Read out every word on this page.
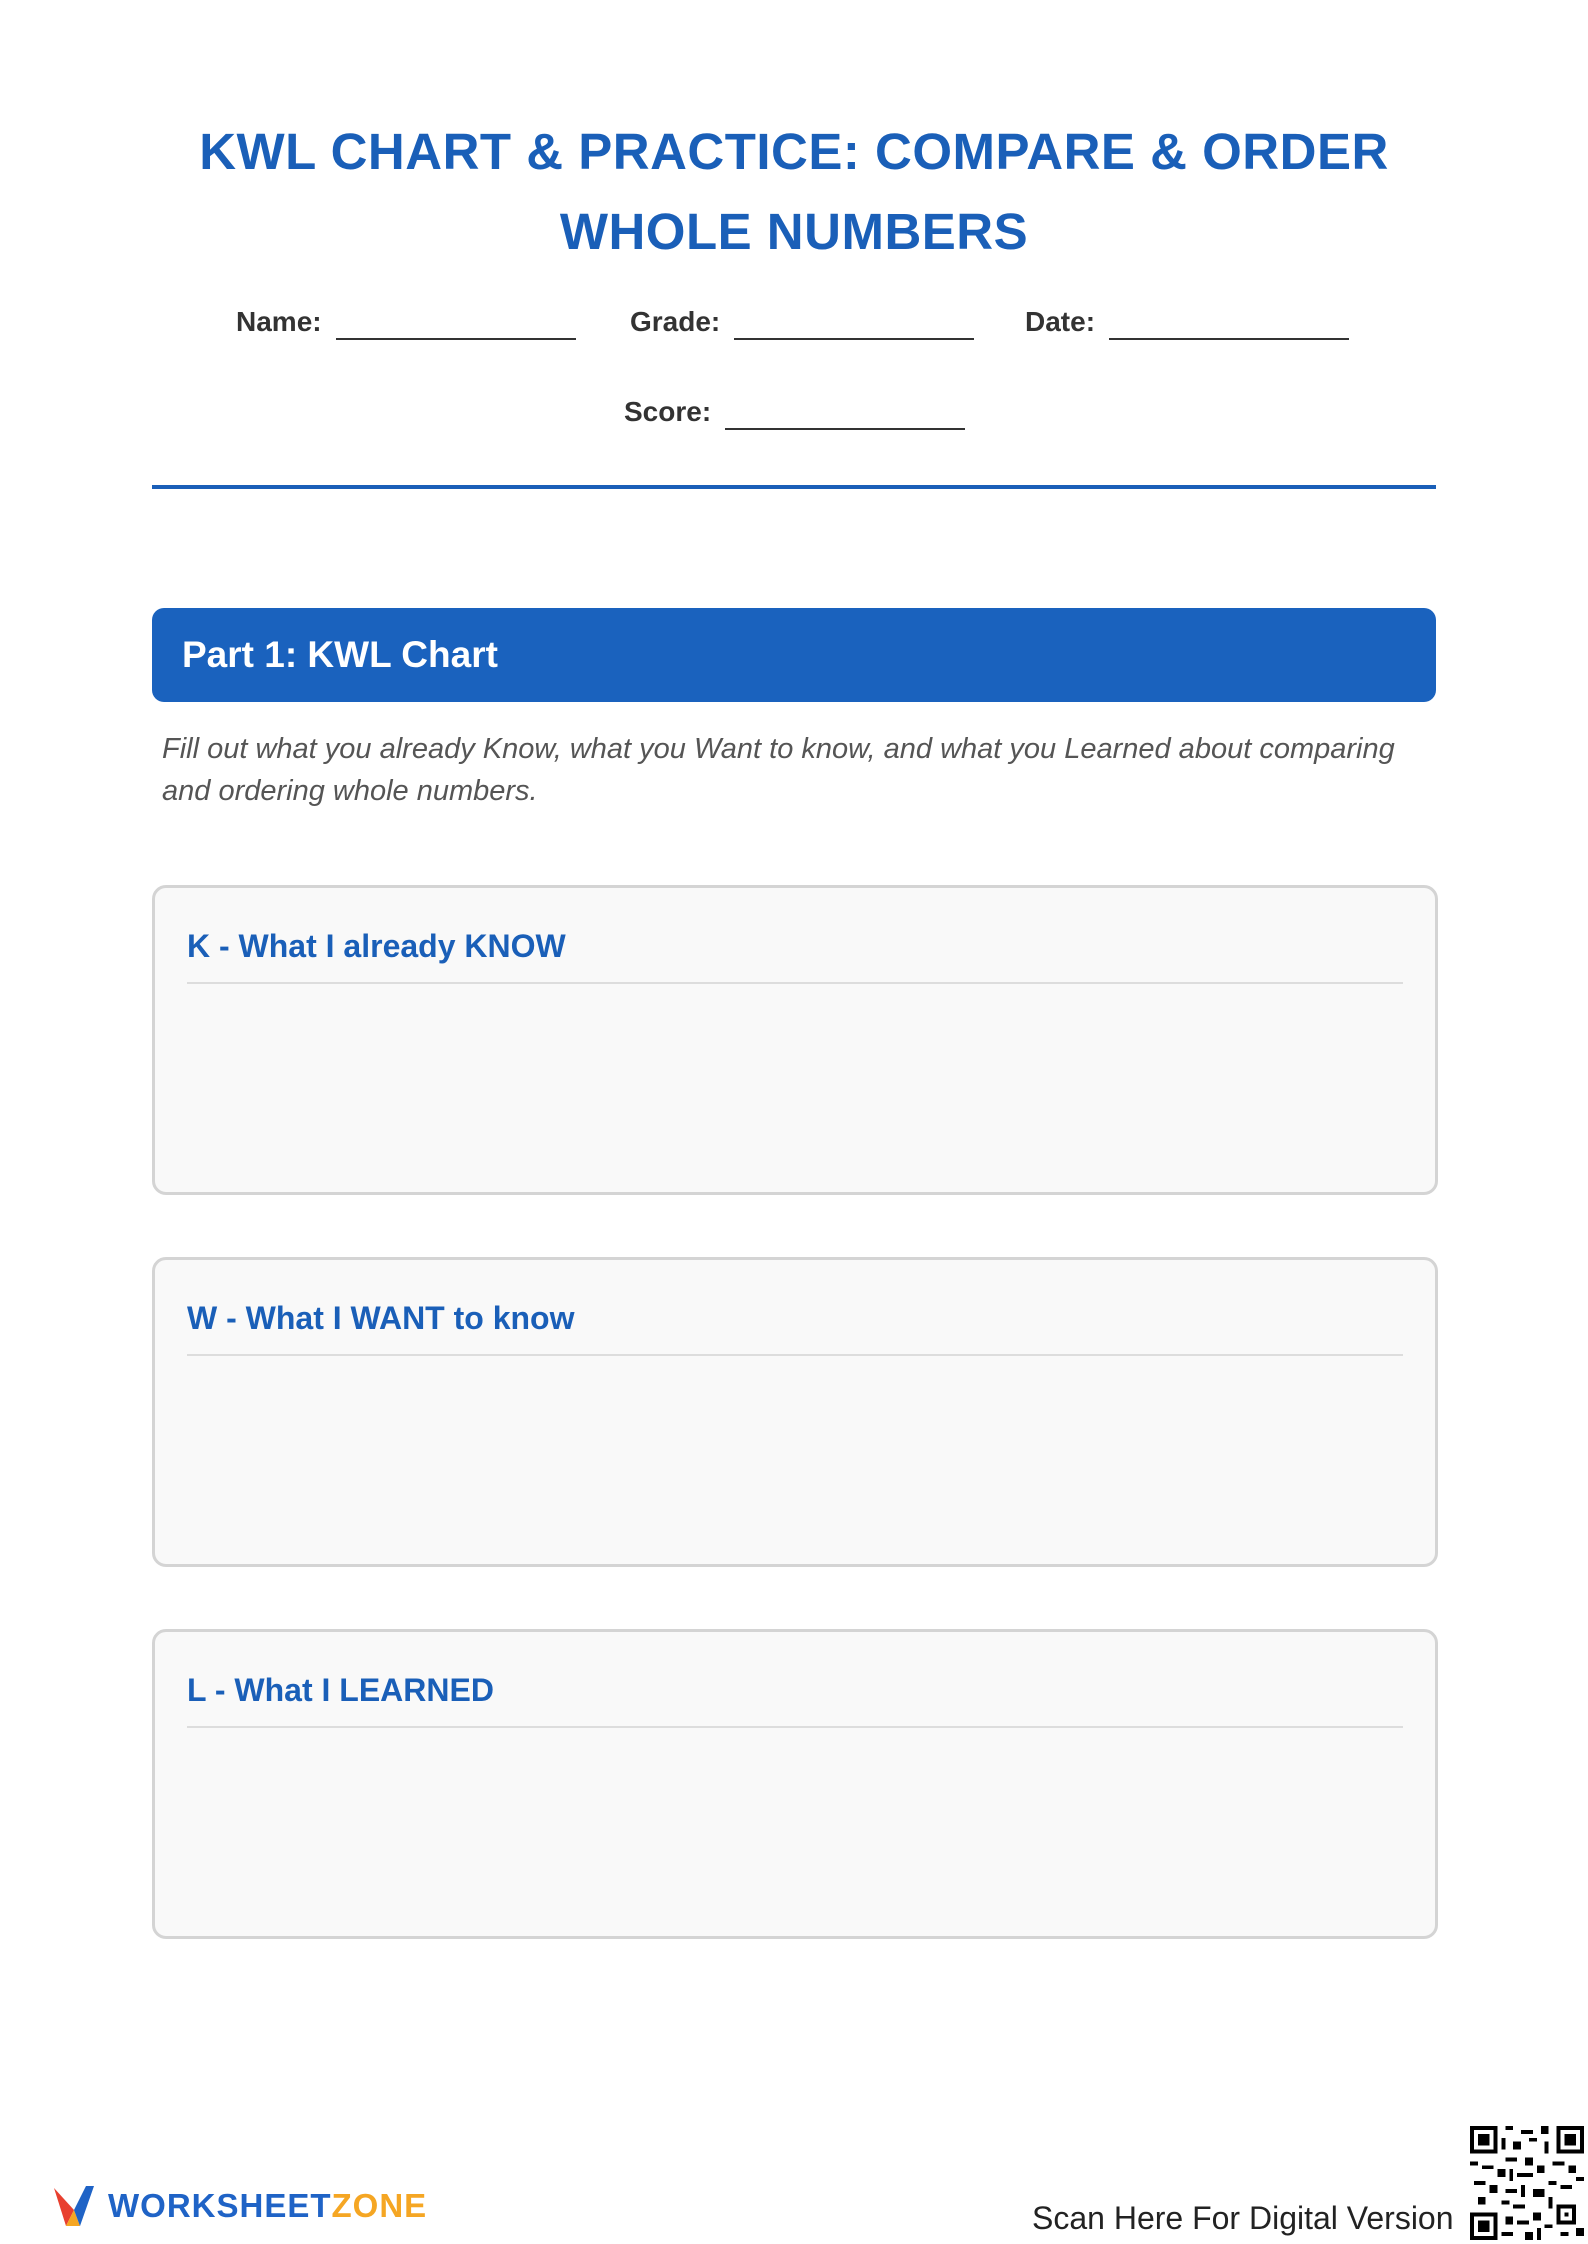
KWL CHART & PRACTICE: COMPARE & ORDER WHOLE NUMBERS
Name:	Grade:	Date:
Score:
Part 1: KWL Chart
Fill out what you already Know, what you Want to know, and what you Learned about comparing and ordering whole numbers.
K - What I already KNOW
W - What I WANT to know
L - What I LEARNED
WORKSHEETZONE	Scan Here For Digital Version
